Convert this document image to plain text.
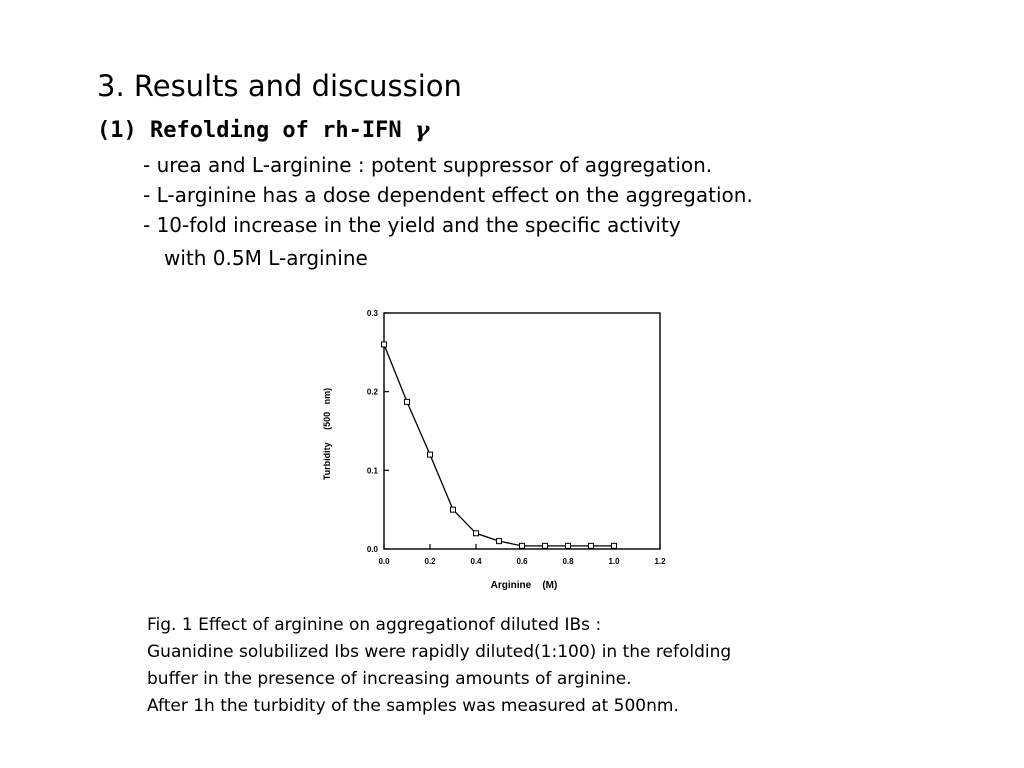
3. Results and discussion
(1) Refolding of rh-IFN γ
- urea and L-arginine : potent suppressor of aggregation.
- L-arginine has a dose dependent effect on the aggregation.
- 10-fold increase in the yield and the specific activity
with 0.5M L-arginine
0.0	0.2	0.4	0.6	0.8	1.0	1.2
0.0
0.1
0.2
0.3
Arginine    (M)
Turbidity     (500   nm)
Fig. 1 Effect of arginine on aggregationof diluted IBs :
Guanidine solubilized Ibs were rapidly diluted(1:100) in the refolding
buffer in the presence of increasing amounts of arginine.
After 1h the turbidity of the samples was measured at 500nm.
